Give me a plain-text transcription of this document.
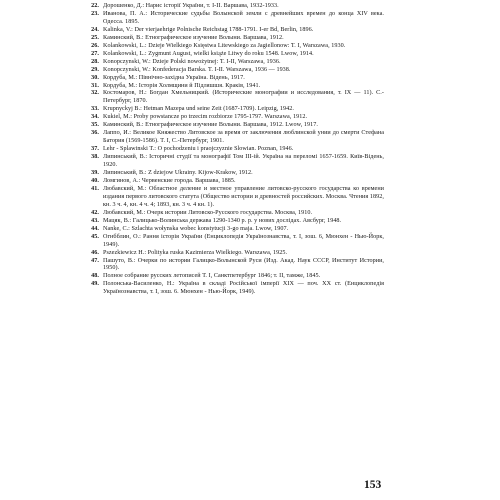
22. Дорошенко, Д.: Нарис історії України, т. І-ІІ. Варшава, 1932-1933.
23. Иванова, П. А.: Исторические судьбы Волынской земли с древнейших времен до конца XIV века. Одесса. 1895.
24. Kalinka, V.: Der vierjaehrige Polnische Reichstag 1788-1791. I-er Bd, Berlin, 1896.
25. Каминский, В.: Етнографическое изучение Волыни. Варшава, 1912.
26. Kolankowski, L.: Dzieje Wielkiego Księstwa Litewskiego za Jagiellonow: T. I, Warszawa, 1930.
27. Kolankowski, L.: Zygmunt August, wielki książe Litwy do roku 1548. Lwow, 1914.
28. Konopczynski, W.: Dzieje Polski nowożytnej: T. I-II, Warszawa, 1936.
29. Konopczynski, W.: Konfederacja Barska. T. I-II. Warszawa, 1936 — 1938.
30. Кордуба, М.: Північно-західна Україна. Відень, 1917.
31. Кордуба, М.: Історія Холмщини й Підляшшя. Краків, 1941.
32. Костомаров, Н.: Богдан Хмельницкий. (Исторические монографии и исследования, т. IX — 11). С.-Петербург, 1870.
33. Krupnyckyj B.: Hetman Mazepa und seine Zeit (1687-1709). Leipzig, 1942.
34. Kukiel, M.: Proby powstancze po trzecim rozbiorze 1795-1797. Warszawa, 1912.
35. Каминский, В.: Етнографическое изучение Волыни. Варшава, 1912. Lwow, 1917.
36. Лаппо, И.: Великое Княжество Литовское за время от заключения люблинской унии до смерти Стефана Батория (1569-1586). Т. I, С.-Петербург, 1901.
37. Lehr - Splawinski T.: O pochodzeniu i praojczyznie Slowian. Poznan, 1946.
38. Липинський, В.: Історичні студії та монографії Том III-ій. Україна на переломі 1657-1659. Київ-Відень, 1920.
39. Липинський, В.: Z dziejow Ukrainy. Kijow-Krakow, 1912.
40. Ломгинов, А.: Червенские города. Варшава, 1885.
41. Любавский, М.: Областное деление и местное управление литовско-русского государства ко времени издания первого литовского статута (Общество истории и древностей российских. Москва. Чтения 1892, кн. 3 ч. 4, кн. 4 ч. 4; 1893, кн. 3 ч. 4 кн. 1).
42. Любавский, М.: Очерк истории Литовско-Русского государства. Москва, 1910.
43. Мацяк, В.: Галицько-Волинська держава 1290-1340 р. р. у нових дослідах. Авсбург, 1948.
44. Nanke, C.: Szlachta wołynska wobec konstytucji 3-go maja. Lwow, 1907.
45. Огнбблин, О.: Рання історія України (Енциклопедія Українознавства, т. I, зош. 6, Мюнхен - Нью-Йорк, 1949).
46. Pszezkiewicz H.: Polityka ruska Kazimierza Wielkiego. Warszawa, 1925.
47. Пашуто, В.: Очерки по истории Галицко-Волынской Руси (Изд. Акад. Наук СССР, Институт Истории, 1950).
48. Полное собрание русских летописей Т. I, Санктпетербург 1846; т. II, тамже, 1845.
49. Полонська-Василенко, Н.: Україна в складі Російської імперії XIX — поч. XX ст. (Енциклопедія Українознавства, т. I, зош. 6. Мюнхен - Нью-Йорк, 1949).
153
